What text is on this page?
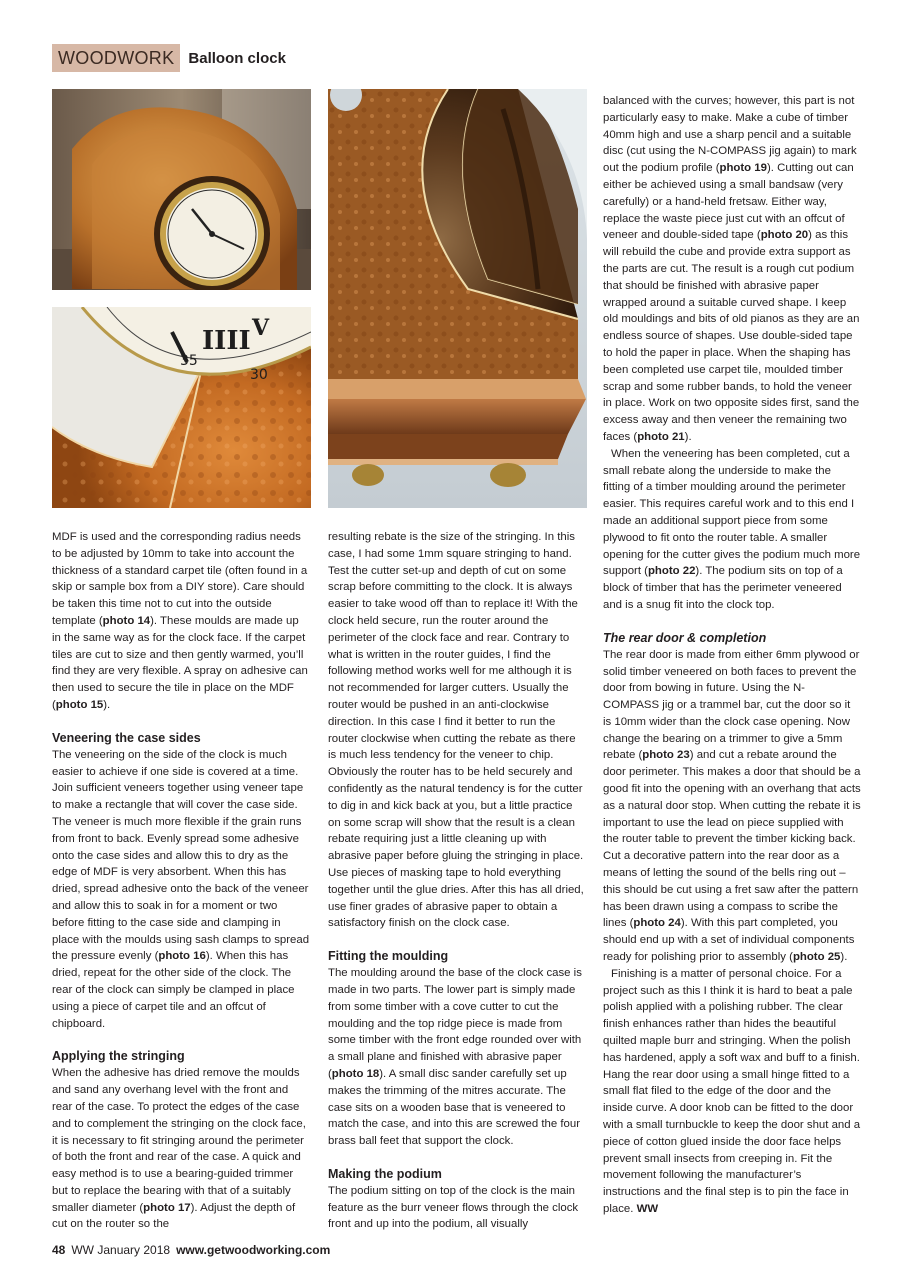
WOODWORK Balloon clock
IIII V
35
30

MDF is used and the corresponding radius needs to be adjusted by 10mm to take into account the thickness of a standard carpet tile (often found in a skip or sample box from a DIY store). Care should be taken this time not to cut into the outside template (photo 14). These moulds are made up in the same way as for the clock face. If the carpet tiles are cut to size and then gently warmed, you’ll find they are very flexible. A spray on adhesive can then used to secure the tile in place on the MDF (photo 15).

Veneering the case sides

The veneering on the side of the clock is much easier to achieve if one side is covered at a time. Join sufficient veneers together using veneer tape to make a rectangle that will cover the case side. The veneer is much more flexible if the grain runs from front to back. Evenly spread some adhesive onto the case sides and allow this to dry as the edge of MDF is very absorbent. When this has dried, spread adhesive onto the back of the veneer and allow this to soak in for a moment or two before fitting to the case side and clamping in place with the moulds using sash clamps to spread the pressure evenly (photo 16). When this has dried, repeat for the other side of the clock. The rear of the clock can simply be clamped in place using a piece of carpet tile and an offcut of chipboard.

Applying the stringing

When the adhesive has dried remove the moulds and sand any overhang level with the front and rear of the case. To protect the edges of the case and to complement the stringing on the clock face, it is necessary to fit stringing around the perimeter of both the front and rear of the case. A quick and easy method is to use a bearing-guided trimmer but to replace the bearing with that of a suitably smaller diameter (photo 17). Adjust the depth of cut on the router so the

resulting rebate is the size of the stringing. In this case, I had some 1mm square stringing to hand. Test the cutter set-up and depth of cut on some scrap before committing to the clock. It is always easier to take wood off than to replace it! With the clock held secure, run the router around the perimeter of the clock face and rear. Contrary to what is written in the router guides, I find the following method works well for me although it is not recommended for larger cutters. Usually the router would be pushed in an anti-clockwise direction. In this case I find it better to run the router clockwise when cutting the rebate as there is much less tendency for the veneer to chip. Obviously the router has to be held securely and confidently as the natural tendency is for the cutter to dig in and kick back at you, but a little practice on some scrap will show that the result is a clean rebate requiring just a little cleaning up with abrasive paper before gluing the stringing in place. Use pieces of masking tape to hold everything together until the glue dries. After this has all dried, use finer grades of abrasive paper to obtain a satisfactory finish on the clock case.

Fitting the moulding

The moulding around the base of the clock case is made in two parts. The lower part is simply made from some timber with a cove cutter to cut the moulding and the top ridge piece is made from some timber with the front edge rounded over with a small plane and finished with abrasive paper (photo 18). A small disc sander carefully set up makes the trimming of the mitres accurate. The case sits on a wooden base that is veneered to match the case, and into this are screwed the four brass ball feet that support the clock.

Making the podium

The podium sitting on top of the clock is the main feature as the burr veneer flows through the clock front and up into the podium, all visually

balanced with the curves; however, this part is not particularly easy to make. Make a cube of timber 40mm high and use a sharp pencil and a suitable disc (cut using the N-COMPASS jig again) to mark out the podium profile (photo 19). Cutting out can either be achieved using a small bandsaw (very carefully) or a hand-held fretsaw. Either way, replace the waste piece just cut with an offcut of veneer and double-sided tape (photo 20) as this will rebuild the cube and provide extra support as the parts are cut. The result is a rough cut podium that should be finished with abrasive paper wrapped around a suitable curved shape. I keep old mouldings and bits of old pianos as they are an endless source of shapes. Use double-sided tape to hold the paper in place. When the shaping has been completed use carpet tile, moulded timber scrap and some rubber bands, to hold the veneer in place. Work on two opposite sides first, sand the excess away and then veneer the remaining two faces (photo 21).

When the veneering has been completed, cut a small rebate along the underside to make the fitting of a timber moulding around the perimeter easier. This requires careful work and to this end I made an additional support piece from some plywood to fit onto the router table. A smaller opening for the cutter gives the podium much more support (photo 22). The podium sits on top of a block of timber that has the perimeter veneered and is a snug fit into the clock top.

The rear door & completion

The rear door is made from either 6mm plywood or solid timber veneered on both faces to prevent the door from bowing in future. Using the N-COMPASS jig or a trammel bar, cut the door so it is 10mm wider than the clock case opening. Now change the bearing on a trimmer to give a 5mm rebate (photo 23) and cut a rebate around the door perimeter. This makes a door that should be a good fit into the opening with an overhang that acts as a natural door stop. When cutting the rebate it is important to use the lead on piece supplied with the router table to prevent the timber kicking back. Cut a decorative pattern into the rear door as a means of letting the sound of the bells ring out – this should be cut using a fret saw after the pattern has been drawn using a compass to scribe the lines (photo 24). With this part completed, you should end up with a set of individual components ready for polishing prior to assembly (photo 25).

Finishing is a matter of personal choice. For a project such as this I think it is hard to beat a pale polish applied with a polishing rubber. The clear finish enhances rather than hides the beautiful quilted maple burr and stringing. When the polish has hardened, apply a soft wax and buff to a finish. Hang the rear door using a small hinge fitted to a small flat filed to the edge of the door and the inside curve. A door knob can be fitted to the door with a small turnbuckle to keep the door shut and a piece of cotton glued inside the door face helps prevent small insects from creeping in. Fit the movement following the manufacturer’s instructions and the final step is to pin the face in place. WW

48 WW January 2018 www.getwoodworking.com
